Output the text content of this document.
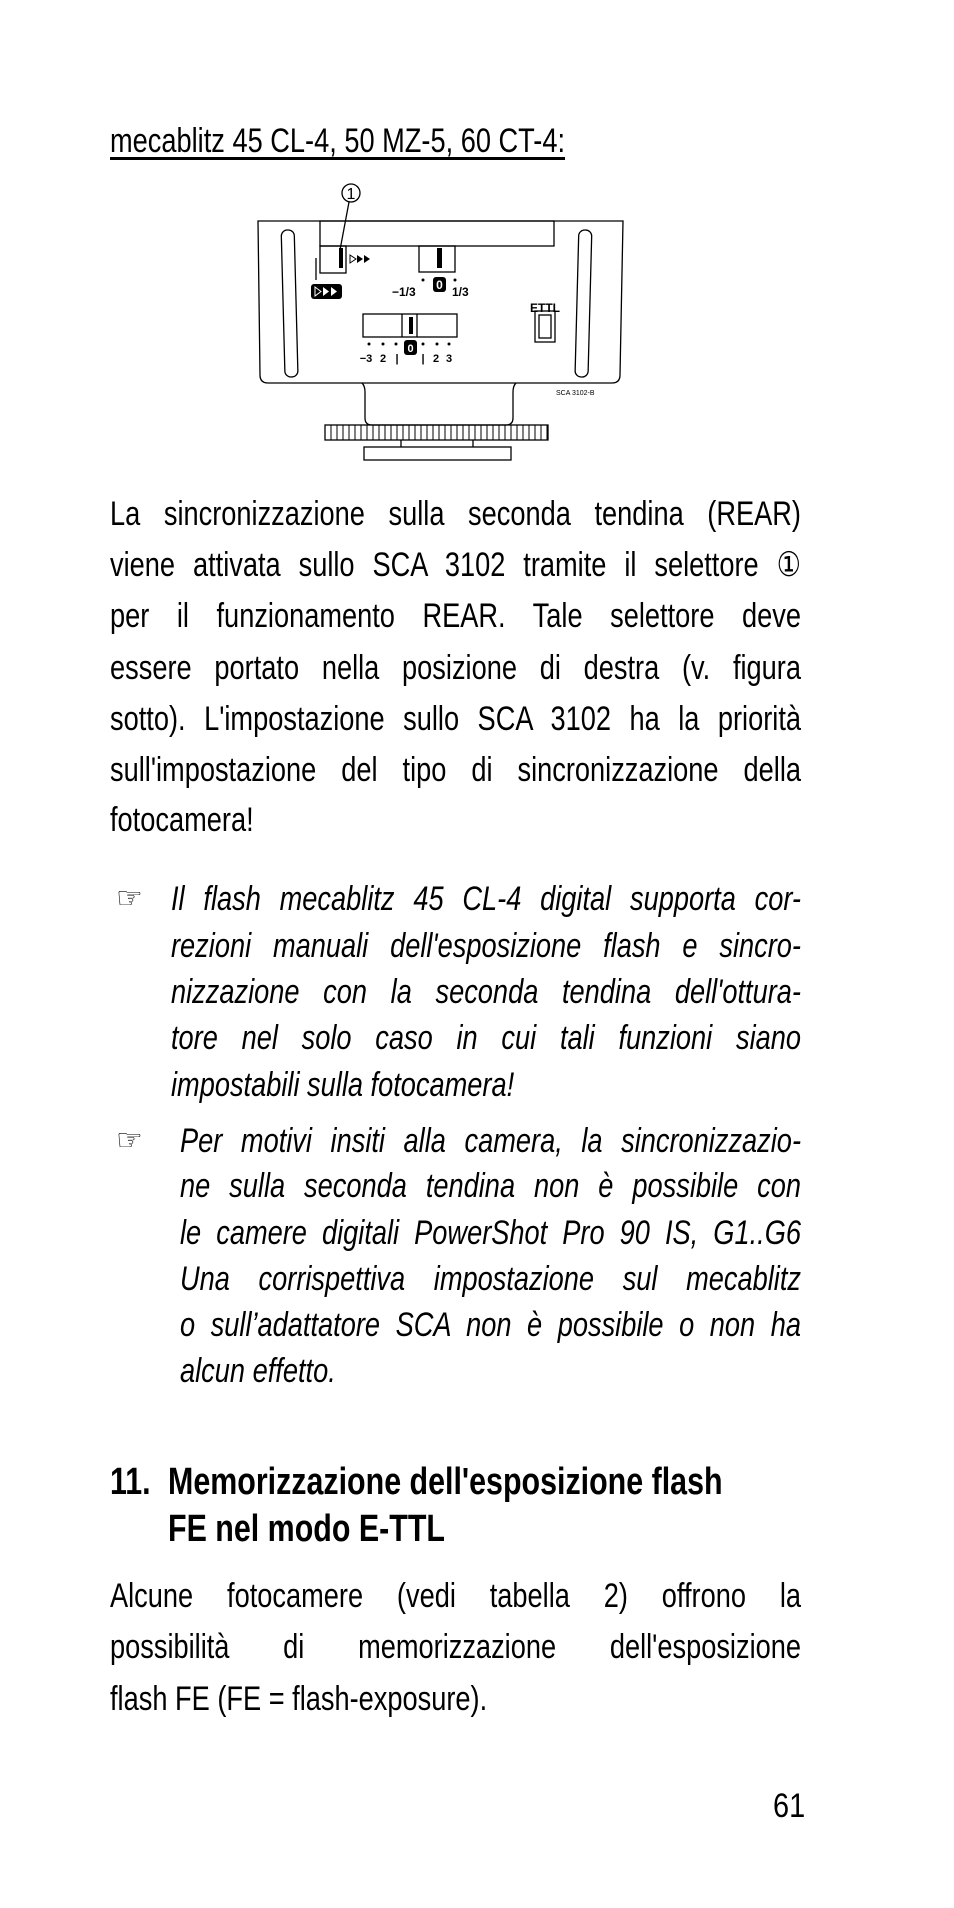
mecablitz 45 CL-4, 50 MZ-5, 60 CT-4:
1
−1/3 0 1/3
ETTL
−3 2 |
0
| 2 3
SCA 3102-B
La sincronizzazione sulla seconda tendina (REAR)
viene attivata sullo SCA 3102 tramite il selettore ①
per il funzionamento REAR. Tale selettore deve
essere portato nella posizione di destra (v. figura
sotto). L'impostazione sullo SCA 3102 ha la priorità
sull'impostazione del tipo di sincronizzazione della
fotocamera!
Il flash mecablitz 45 CL-4 digital supporta cor-
rezioni manuali dell'esposizione flash e sincro-
nizzazione con la seconda tendina dell'ottura-
tore nel solo caso in cui tali funzioni siano
impostabili sulla fotocamera!
Per motivi insiti alla camera, la sincronizzazio-
ne sulla seconda tendina non è possibile con
le camere digitali PowerShot Pro 90 IS, G1..G6
Una corrispettiva impostazione sul mecablitz
o sull’adattatore SCA non è possibile o non ha
alcun effetto.
Alcune fotocamere (vedi tabella 2) offrono la
possibilità di memorizzazione dell'esposizione
flash FE (FE = flash-exposure).
☞
☞
11. Memorizzazione dell'esposizione flash
FE nel modo E-TTL
61
